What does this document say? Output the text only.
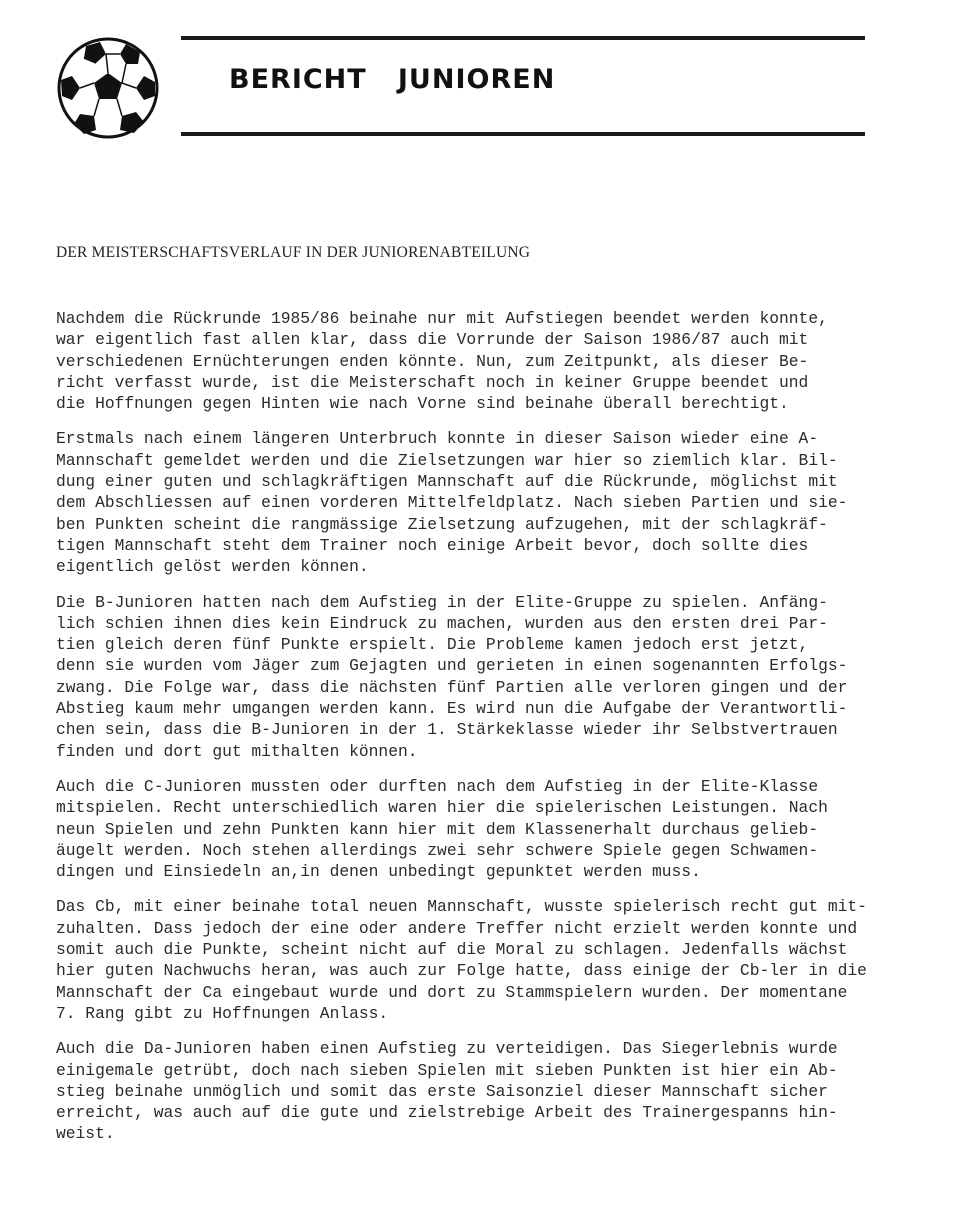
BERICHT   JUNIOREN
DER MEISTERSCHAFTSVERLAUF IN DER JUNIORENABTEILUNG
Nachdem die Rückrunde 1985/86 beinahe nur mit Aufstiegen beendet werden konnte,
war eigentlich fast allen klar, dass die Vorrunde der Saison 1986/87 auch mit
verschiedenen Ernüchterungen enden könnte. Nun, zum Zeitpunkt, als dieser Be-
richt verfasst wurde, ist die Meisterschaft noch in keiner Gruppe beendet und
die Hoffnungen gegen Hinten wie nach Vorne sind beinahe überall berechtigt.
Erstmals nach einem längeren Unterbruch konnte in dieser Saison wieder eine A-
Mannschaft gemeldet werden und die Zielsetzungen war hier so ziemlich klar. Bil-
dung einer guten und schlagkräftigen Mannschaft auf die Rückrunde, möglichst mit
dem Abschliessen auf einen vorderen Mittelfeldplatz. Nach sieben Partien und sie-
ben Punkten scheint die rangmässige Zielsetzung aufzugehen, mit der schlagkräf-
tigen Mannschaft steht dem Trainer noch einige Arbeit bevor, doch sollte dies
eigentlich gelöst werden können.
Die B-Junioren hatten nach dem Aufstieg in der Elite-Gruppe zu spielen. Anfäng-
lich schien ihnen dies kein Eindruck zu machen, wurden aus den ersten drei Par-
tien gleich deren fünf Punkte erspielt. Die Probleme kamen jedoch erst jetzt,
denn sie wurden vom Jäger zum Gejagten und gerieten in einen sogenannten Erfolgs-
zwang. Die Folge war, dass die nächsten fünf Partien alle verloren gingen und der
Abstieg kaum mehr umgangen werden kann. Es wird nun die Aufgabe der Verantwortli-
chen sein, dass die B-Junioren in der 1. Stärkeklasse wieder ihr Selbstvertrauen
finden und dort gut mithalten können.
Auch die C-Junioren mussten oder durften nach dem Aufstieg in der Elite-Klasse
mitspielen. Recht unterschiedlich waren hier die spielerischen Leistungen. Nach
neun Spielen und zehn Punkten kann hier mit dem Klassenerhalt durchaus gelieb-
äugelt werden. Noch stehen allerdings zwei sehr schwere Spiele gegen Schwamen-
dingen und Einsiedeln an,in denen unbedingt gepunktet werden muss.
Das Cb, mit einer beinahe total neuen Mannschaft, wusste spielerisch recht gut mit-
zuhalten. Dass jedoch der eine oder andere Treffer nicht erzielt werden konnte und
somit auch die Punkte, scheint nicht auf die Moral zu schlagen. Jedenfalls wächst
hier guten Nachwuchs heran, was auch zur Folge hatte, dass einige der Cb-ler in die
Mannschaft der Ca eingebaut wurde und dort zu Stammspielern wurden. Der momentane
7. Rang gibt zu Hoffnungen Anlass.
Auch die Da-Junioren haben einen Aufstieg zu verteidigen. Das Siegerlebnis wurde
einigemale getrübt, doch nach sieben Spielen mit sieben Punkten ist hier ein Ab-
stieg beinahe unmöglich und somit das erste Saisonziel dieser Mannschaft sicher
erreicht, was auch auf die gute und zielstrebige Arbeit des Trainergespanns hin-
weist.
